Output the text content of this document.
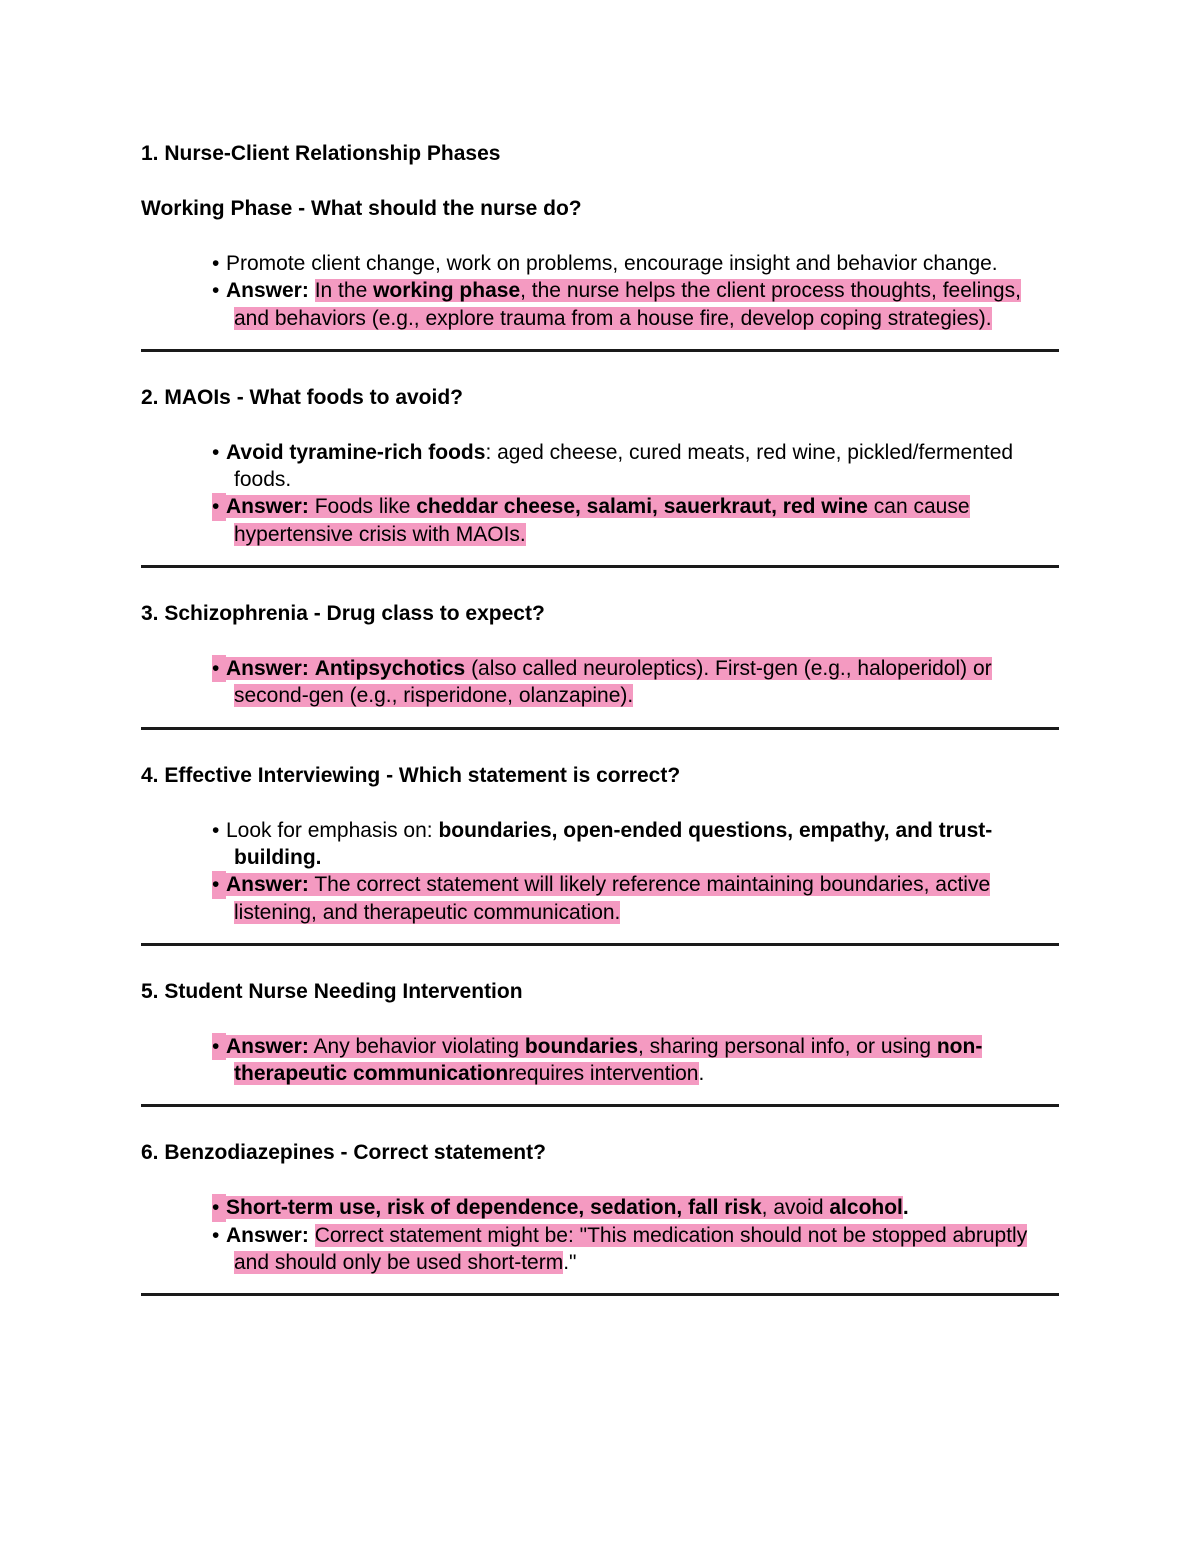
1. Nurse-Client Relationship Phases

Working Phase - What should the nurse do?

• Promote client change, work on problems, encourage insight and behavior change.
• Answer: In the working phase, the nurse helps the client process thoughts, feelings, and behaviors (e.g., explore trauma from a house fire, develop coping strategies).

2. MAOIs - What foods to avoid?

• Avoid tyramine-rich foods: aged cheese, cured meats, red wine, pickled/fermented foods.
• Answer: Foods like cheddar cheese, salami, sauerkraut, red wine can cause hypertensive crisis with MAOIs.

3. Schizophrenia - Drug class to expect?

• Answer: Antipsychotics (also called neuroleptics). First-gen (e.g., haloperidol) or second-gen (e.g., risperidone, olanzapine).

4. Effective Interviewing - Which statement is correct?

• Look for emphasis on: boundaries, open-ended questions, empathy, and trust-building.
• Answer: The correct statement will likely reference maintaining boundaries, active listening, and therapeutic communication.

5. Student Nurse Needing Intervention

• Answer: Any behavior violating boundaries, sharing personal info, or using non-therapeutic communicationrequires intervention.

6. Benzodiazepines - Correct statement?

• Short-term use, risk of dependence, sedation, fall risk, avoid alcohol.
• Answer: Correct statement might be: "This medication should not be stopped abruptly and should only be used short-term."
